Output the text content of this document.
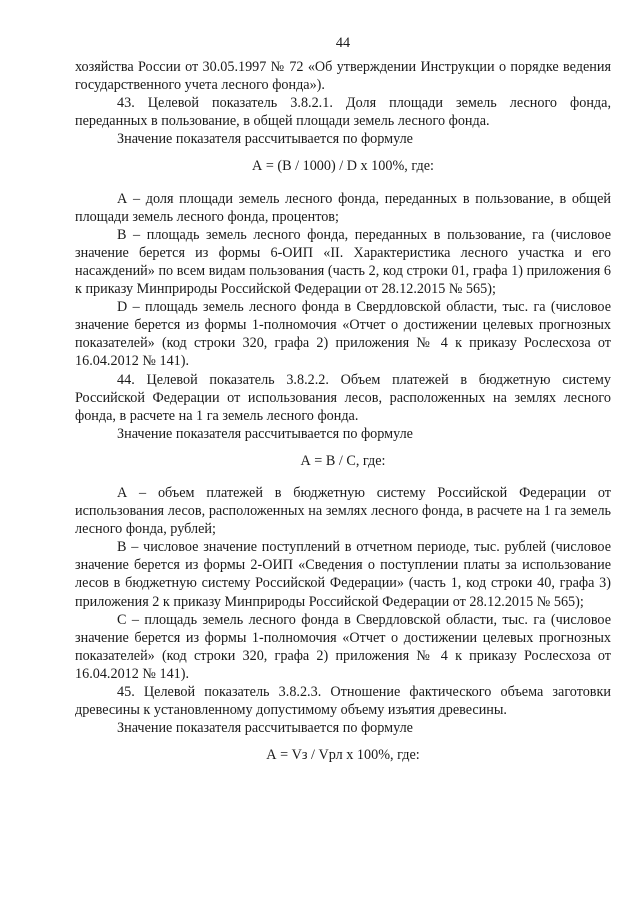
44

хозяйства России от 30.05.1997 № 72 «Об утверждении Инструкции о порядке ведения государственного учета лесного фонда»).

43. Целевой показатель 3.8.2.1. Доля площади земель лесного фонда, переданных в пользование, в общей площади земель лесного фонда.

Значение показателя рассчитывается по формуле

А = (В / 1000) / D х 100%, где:

А – доля площади земель лесного фонда, переданных в пользование, в общей площади земель лесного фонда, процентов;

В – площадь земель лесного фонда, переданных в пользование, га (числовое значение берется из формы 6-ОИП «II. Характеристика лесного участка и его насаждений» по всем видам пользования (часть 2, код строки 01, графа 1) приложения 6 к приказу Минприроды Российской Федерации от 28.12.2015 № 565);

D – площадь земель лесного фонда в Свердловской области, тыс. га (числовое значение берется из формы 1-полномочия «Отчет о достижении целевых прогнозных показателей» (код строки 320, графа 2) приложения № 4 к приказу Рослесхоза от 16.04.2012 № 141).

44. Целевой показатель 3.8.2.2. Объем платежей в бюджетную систему Российской Федерации от использования лесов, расположенных на землях лесного фонда, в расчете на 1 га земель лесного фонда.

Значение показателя рассчитывается по формуле

А = В / С, где:

А – объем платежей в бюджетную систему Российской Федерации от использования лесов, расположенных на землях лесного фонда, в расчете на 1 га земель лесного фонда, рублей;

В – числовое значение поступлений в отчетном периоде, тыс. рублей (числовое значение берется из формы 2-ОИП «Сведения о поступлении платы за использование лесов в бюджетную систему Российской Федерации» (часть 1, код строки 40, графа 3) приложения 2 к приказу Минприроды Российской Федерации от 28.12.2015 № 565);

С – площадь земель лесного фонда в Свердловской области, тыс. га (числовое значение берется из формы 1-полномочия «Отчет о достижении целевых прогнозных показателей» (код строки 320, графа 2) приложения № 4 к приказу Рослесхоза от 16.04.2012 № 141).

45. Целевой показатель 3.8.2.3. Отношение фактического объема заготовки древесины к установленному допустимому объему изъятия древесины.

Значение показателя рассчитывается по формуле

А = Vз / Vрл х 100%, где:
